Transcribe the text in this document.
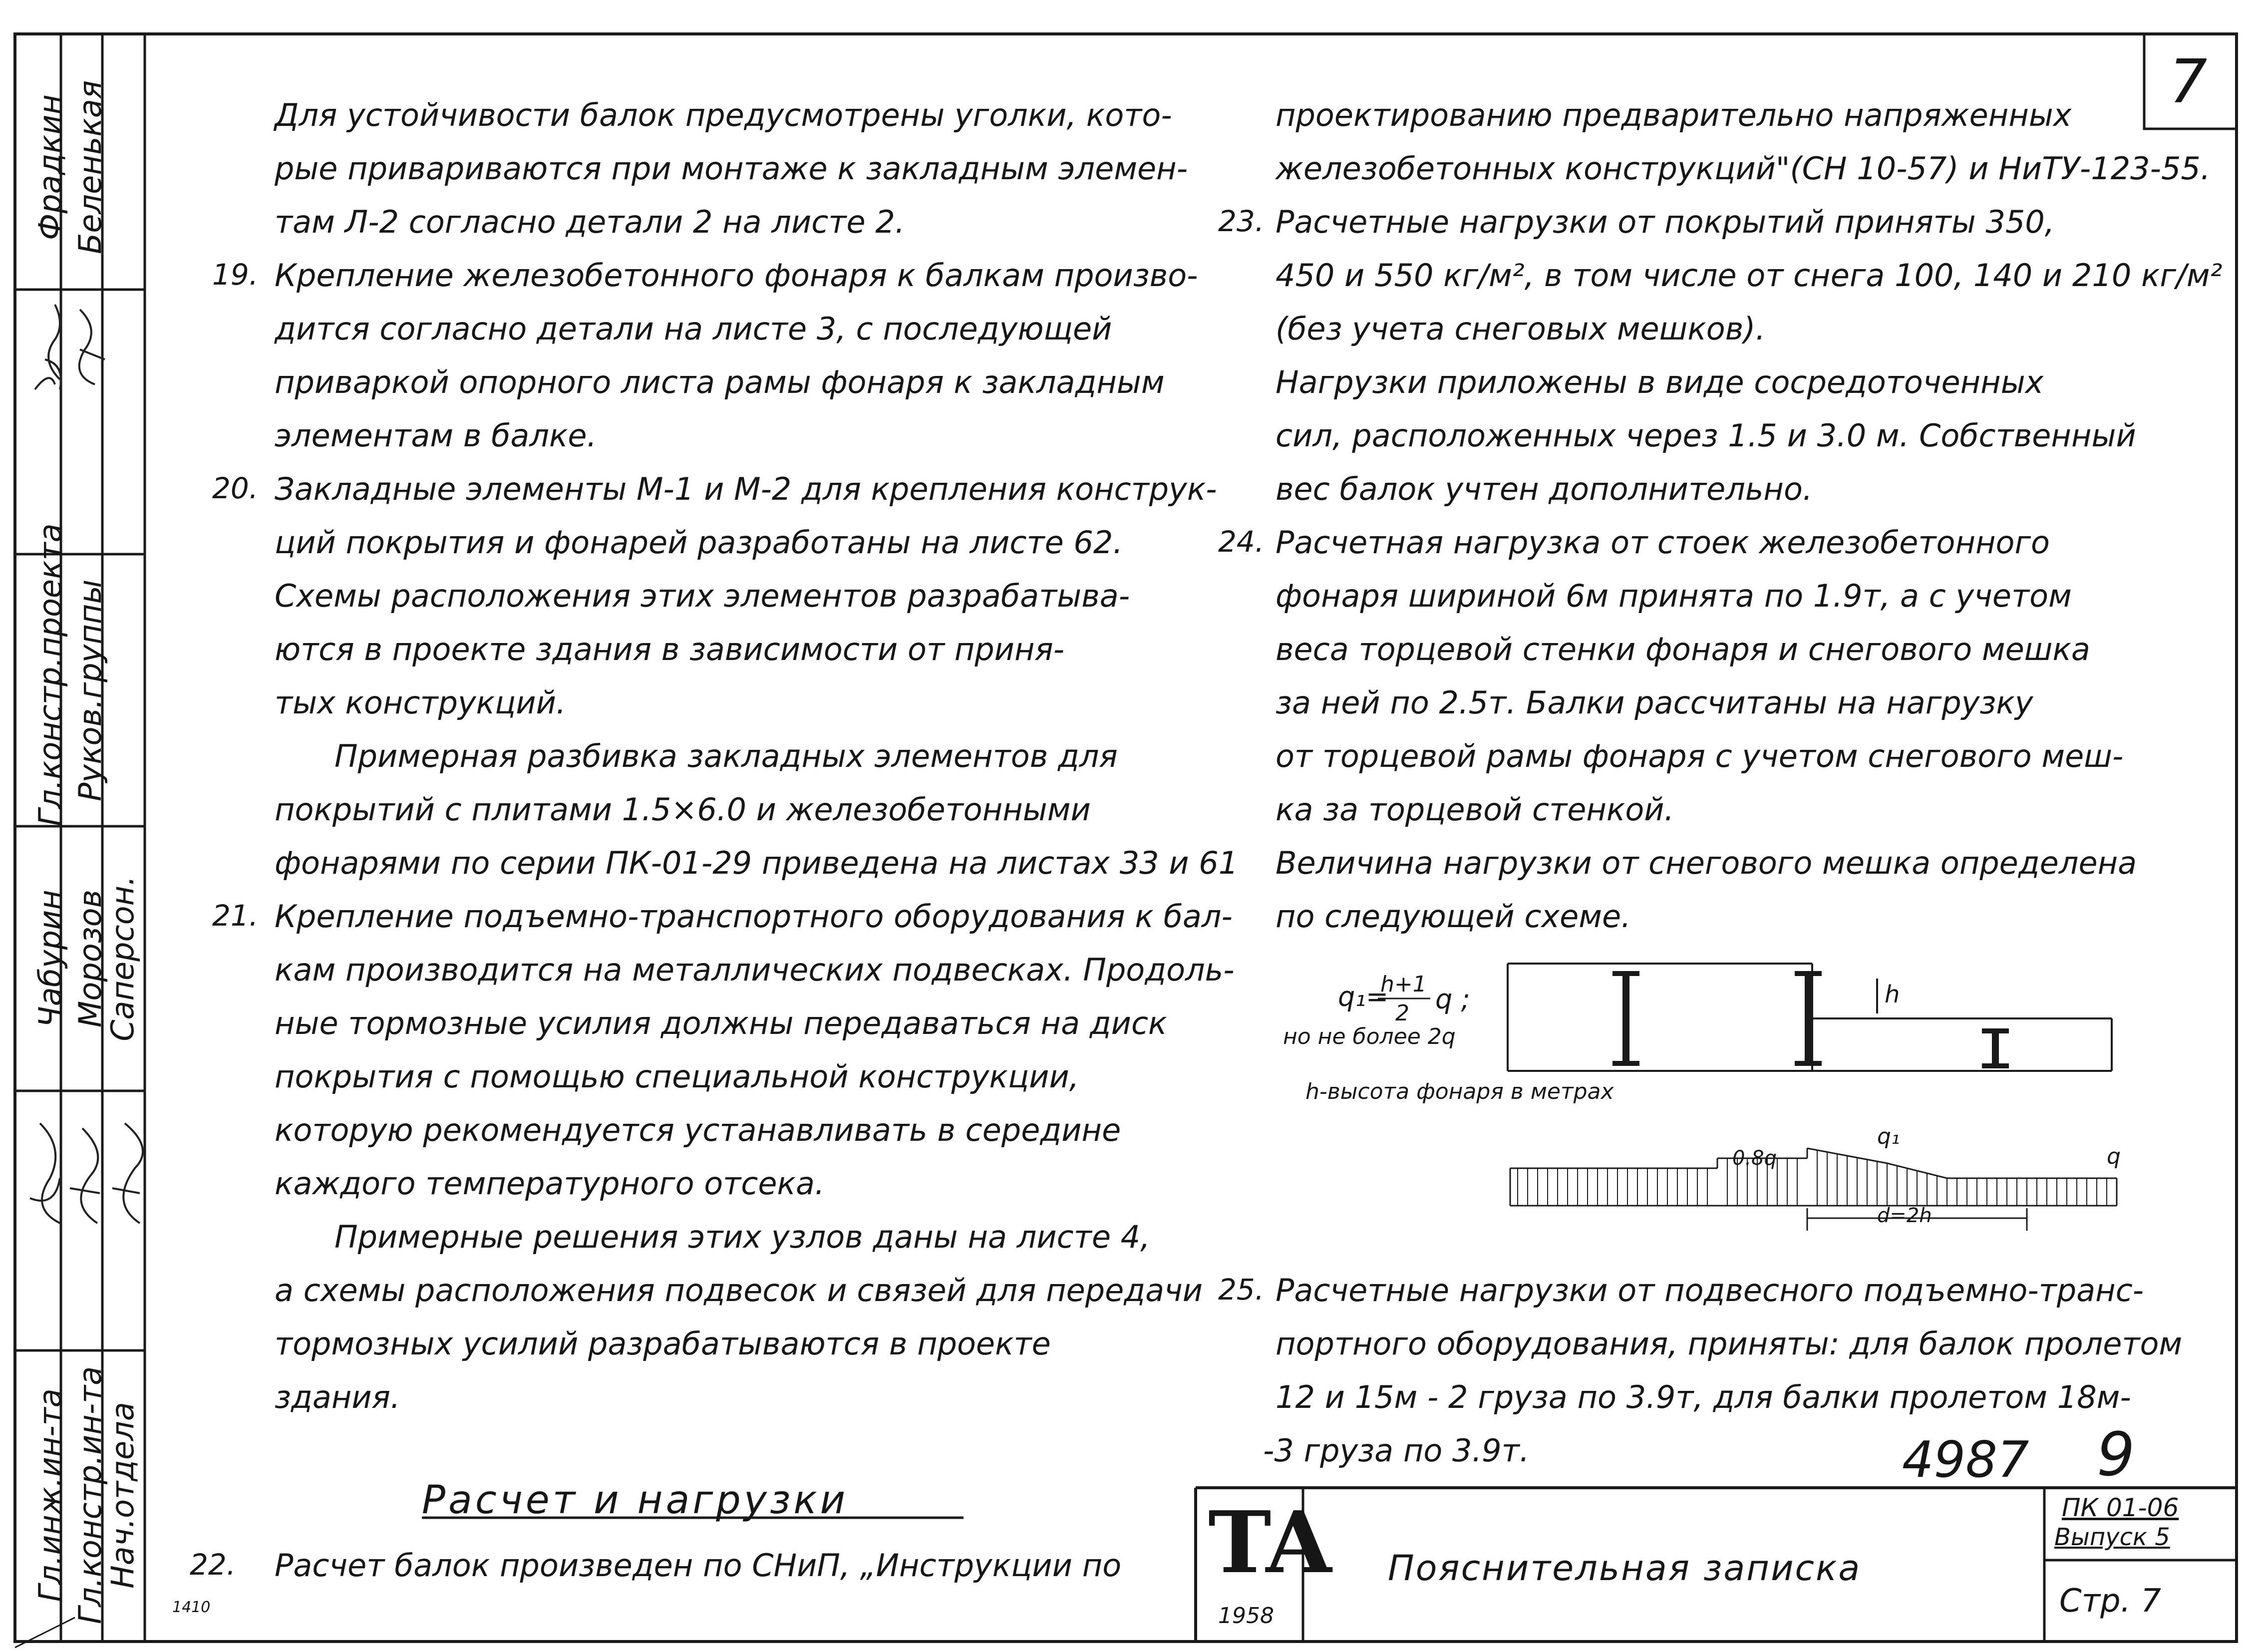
Фрадкин
Гл.констр.проекта
Чабурин
Гл.инж.ин-та
Беленькая
Руков.группы
Морозов
Гл.констр.ин-та
Саперсон.
Нач.отдела
7
Для устойчивости балок предусмотрены уголки, кото-
рые привариваются при монтаже к закладным элемен-
там Л-2 согласно детали 2 на листе 2.
19. Крепление железобетонного фонаря к балкам произво-
дится согласно детали на листе 3, с последующей
приваркой опорного листа рамы фонаря к закладным
элементам в балке.
20. Закладные элементы М-1 и М-2 для крепления конструк-
ций покрытия и фонарей разработаны на листе 62.
Схемы расположения этих элементов разрабатыва-
ются в проекте здания в зависимости от приня-
тых конструкций.
Примерная разбивка закладных элементов для
покрытий с плитами 1.5×6.0 и железобетонными
фонарями по серии ПК-01-29 приведена на листах 33 и 61
21. Крепление подъемно-транспортного оборудования к бал-
кам производится на металлических подвесках. Продоль-
ные тормозные усилия должны передаваться на диск
покрытия с помощью специальной конструкции,
которую рекомендуется устанавливать в середине
каждого температурного отсека.
Примерные решения этих узлов даны на листе 4,
а схемы расположения подвесок и связей для передачи
тормозных усилий разрабатываются в проекте
здания.
Расчет и нагрузки
22. Расчет балок произведен по СНиП, „Инструкции по
1410
проектированию предварительно напряженных
железобетонных конструкций"(СН 10-57) и НиТУ-123-55.
23. Расчетные нагрузки от покрытий приняты 350,
450 и 550 кг/м², в том числе от снега 100, 140 и 210 кг/м²
(без учета снеговых мешков).
Нагрузки приложены в виде сосредоточенных
сил, расположенных через 1.5 и 3.0 м. Собственный
вес балок учтен дополнительно.
24. Расчетная нагрузка от стоек железобетонного
фонаря шириной 6м принята по 1.9т, а с учетом
веса торцевой стенки фонаря и снегового мешка
за ней по 2.5т. Балки рассчитаны на нагрузку
от торцевой рамы фонаря с учетом снегового меш-
ка за торцевой стенкой.
Величина нагрузки от снегового мешка определена
по следующей схеме.
q₁=
h+1
2 q ;
но не более 2q
h
h-высота фонаря в метрах
0.8q
q₁
q
d=2h
25. Расчетные нагрузки от подвесного подъемно-транс-
портного оборудования, приняты: для балок пролетом
12 и 15м - 2 груза по 3.9т, для балки пролетом 18м-
-3 груза по 3.9т.	4987 9
ТА
1958
Пояснительная записка
ПК 01-06
Выпуск 5
Стр. 7
